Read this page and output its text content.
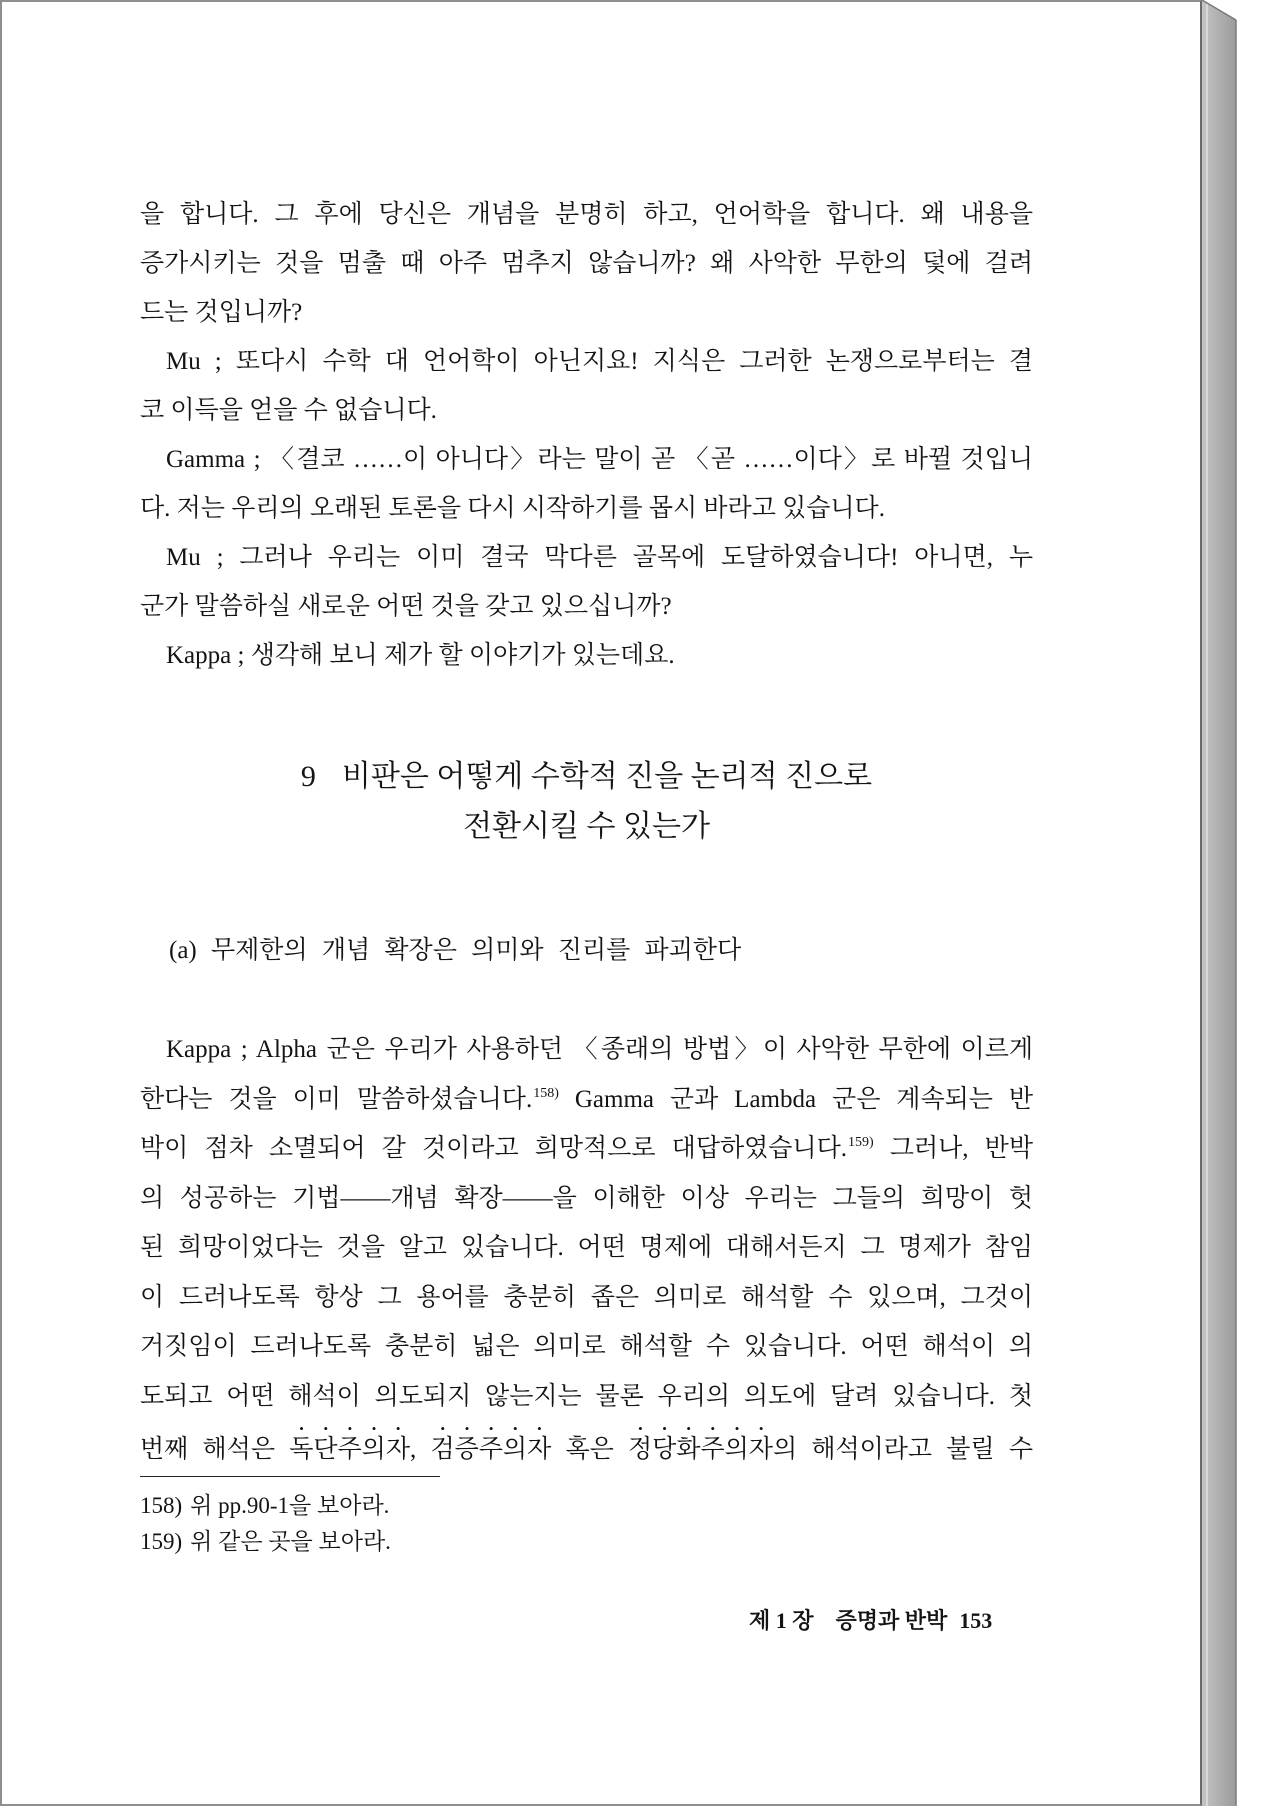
을 합니다. 그 후에 당신은 개념을 분명히 하고, 언어학을 합니다. 왜 내용을
증가시키는 것을 멈출 때 아주 멈추지 않습니까? 왜 사악한 무한의 덫에 걸려
드는 것입니까?
Mu ; 또다시 수학 대 언어학이 아닌지요! 지식은 그러한 논쟁으로부터는 결
코 이득을 얻을 수 없습니다.
Gamma ; 〈결코 ……이 아니다〉라는 말이 곧 〈곧 ……이다〉로 바뀔 것입니
다. 저는 우리의 오래된 토론을 다시 시작하기를 몹시 바라고 있습니다.
Mu ; 그러나 우리는 이미 결국 막다른 골목에 도달하였습니다! 아니면, 누
군가 말씀하실 새로운 어떤 것을 갖고 있으십니까?
Kappa ; 생각해 보니 제가 할 이야기가 있는데요.
9 비판은 어떻게 수학적 진을 논리적 진으로
전환시킬 수 있는가
(a) 무제한의 개념 확장은 의미와 진리를 파괴한다
Kappa ; Alpha 군은 우리가 사용하던 〈종래의 방법〉이 사악한 무한에 이르게
한다는 것을 이미 말씀하셨습니다.$^{158)}$ Gamma 군과 Lambda 군은 계속되는 반
박이 점차 소멸되어 갈 것이라고 희망적으로 대답하였습니다.$^{159)}$ 그러나, 반박
의 성공하는 기법——개념 확장——을 이해한 이상 우리는 그들의 희망이 헛
된 희망이었다는 것을 알고 있습니다. 어떤 명제에 대해서든지 그 명제가 참임
이 드러나도록 항상 그 용어를 충분히 좁은 의미로 해석할 수 있으며, 그것이
거짓임이 드러나도록 충분히 넓은 의미로 해석할 수 있습니다. 어떤 해석이 의
도되고 어떤 해석이 의도되지 않는지는 물론 우리의 의도에 달려 있습니다. 첫
번째 해석은 독단주의자, 검증주의자 혹은 정당화주의자의 해석이라고 불릴 수
158) 위 pp.90-1을 보아라.
159) 위 같은 곳을 보아라.
제 1 장 증명과 반박 153
